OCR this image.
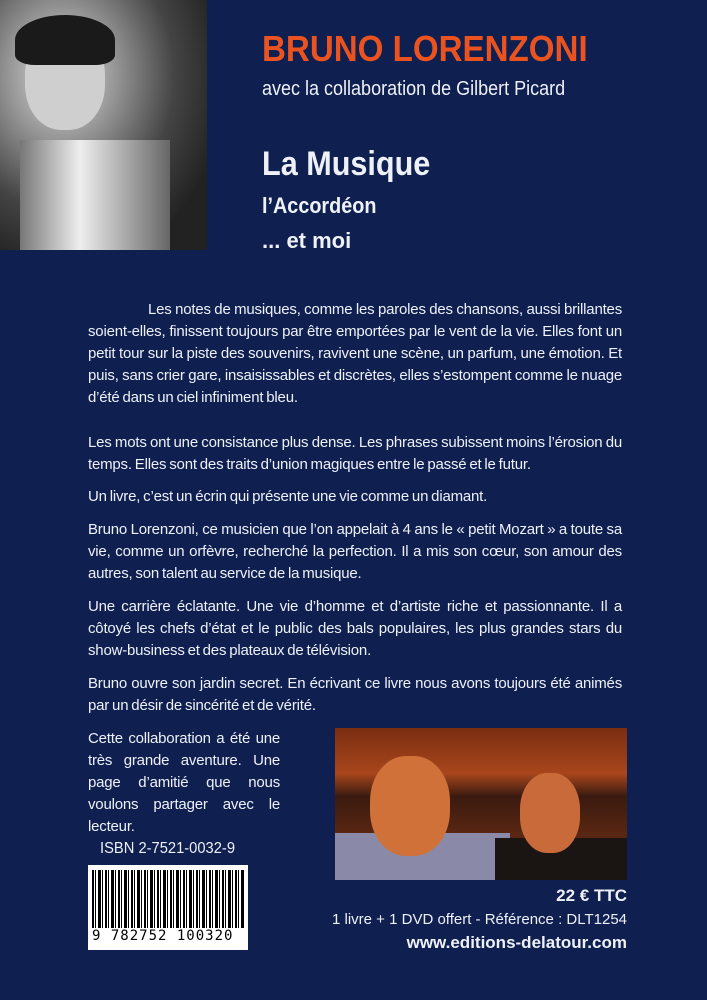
BRUNO LORENZONI
avec la collaboration de Gilbert Picard
La Musique
l’Accordéon
... et moi
Les notes de musiques, comme les paroles des chansons, aussi brillantes soient-elles, finissent toujours par être emportées par le vent de la vie. Elles font un petit tour sur la piste des souvenirs, ravivent une scène, un parfum, une émotion. Et puis, sans crier gare, insaisissables et discrètes, elles s’estompent comme le nuage d’été dans un ciel infiniment bleu.
Les mots ont une consistance plus dense. Les phrases subissent moins l’érosion du temps. Elles sont des traits d’union magiques entre le passé et le futur.
Un livre, c’est un écrin qui présente une vie comme un diamant.
Bruno Lorenzoni, ce musicien que l’on appelait à 4 ans le « petit Mozart » a toute sa vie, comme un orfèvre, recherché la perfection. Il a mis son cœur, son amour des autres, son talent au service de la musique.
Une carrière éclatante. Une vie d’homme et d’artiste riche et passionnante. Il a côtoyé les chefs d’état et le public des bals populaires, les plus grandes stars du show-business et des plateaux de télévision.
Bruno ouvre son jardin secret. En écrivant ce livre nous avons toujours été animés par un désir de sincérité et de vérité.
Cette collaboration a été une très grande aventure. Une page d’amitié que nous voulons partager avec le lecteur.
ISBN 2-7521-0032-9
9 782752 100320
22 € TTC
1 livre + 1 DVD offert - Référence : DLT1254
www.editions-delatour.com
